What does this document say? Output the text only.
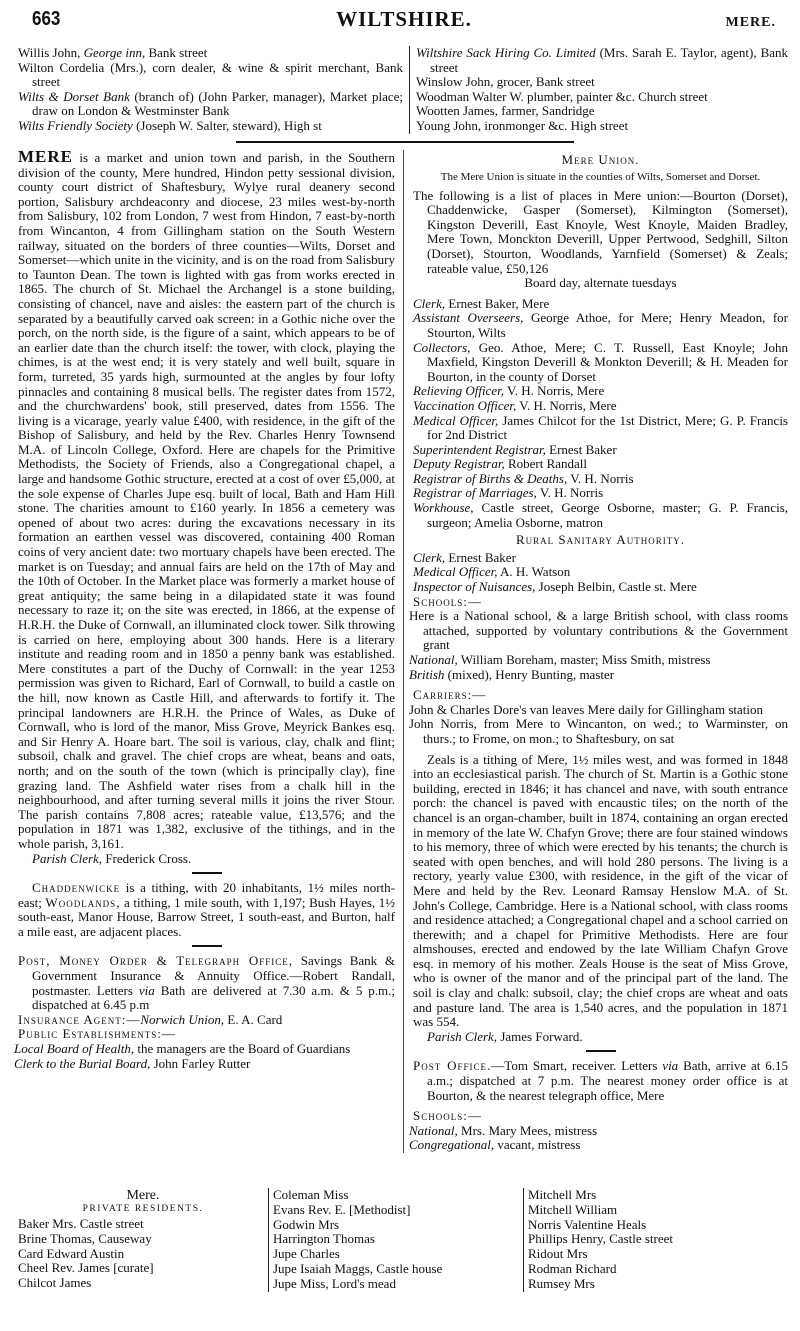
663	WILTSHIRE.	MERE.
Willis John, George inn, Bank street
Wilton Cordelia (Mrs.), corn dealer, & wine & spirit merchant, Bank street
Wilts & Dorset Bank (branch of) (John Parker, manager), Market place; draw on London & Westminster Bank
Wilts Friendly Society (Joseph W. Salter, steward), High st
Wiltshire Sack Hiring Co. Limited (Mrs. Sarah E. Taylor, agent), Bank street
Winslow John, grocer, Bank street
Woodman Walter W. plumber, painter &c. Church street
Wootten James, farmer, Sandridge
Young John, ironmonger &c. High street

MERE is a market and union town and parish, in the Southern division of the county, Mere hundred, Hindon petty sessional division, county court district of Shaftesbury, Wylye rural deanery second portion, Salisbury archdeaconry and diocese, 23 miles west-by-north from Salisbury, 102 from London, 7 west from Hindon, 7 east-by-north from Wincanton, 4 from Gillingham station on the South Western railway, situated on the borders of three counties—Wilts, Dorset and Somerset—which unite in the vicinity, and is on the road from Salisbury to Taunton Dean. The town is lighted with gas from works erected in 1865. The church of St. Michael the Archangel is a stone building, consisting of chancel, nave and aisles: the eastern part of the church is separated by a beautifully carved oak screen: in a Gothic niche over the porch, on the north side, is the figure of a saint, which appears to be of an earlier date than the church itself: the tower, with clock, playing the chimes, is at the west end; it is very stately and well built, square in form, turreted, 35 yards high, surmounted at the angles by four lofty pinnacles and containing 8 musical bells. The register dates from 1572, and the churchwardens' book, still preserved, dates from 1556. The living is a vicarage, yearly value £400, with residence, in the gift of the Bishop of Salisbury, and held by the Rev. Charles Henry Townsend M.A. of Lincoln College, Oxford. Here are chapels for the Primitive Methodists, the Society of Friends, also a Congregational chapel, a large and handsome Gothic structure, erected at a cost of over £5,000, at the sole expense of Charles Jupe esq. built of local, Bath and Ham Hill stone. The charities amount to £160 yearly. In 1856 a cemetery was opened of about two acres: during the excavations necessary in its formation an earthen vessel was discovered, containing 400 Roman coins of very ancient date: two mortuary chapels have been erected. The market is on Tuesday; and annual fairs are held on the 17th of May and the 10th of October. In the Market place was formerly a market house of great antiquity; the same being in a dilapidated state it was found necessary to raze it; on the site was erected, in 1866, at the expense of H.R.H. the Duke of Cornwall, an illuminated clock tower. Silk throwing is carried on here, employing about 300 hands. Here is a literary institute and reading room and in 1850 a penny bank was established. Mere constitutes a part of the Duchy of Cornwall: in the year 1253 permission was given to Richard, Earl of Cornwall, to build a castle on the hill, now known as Castle Hill, and afterwards to fortify it. The principal landowners are H.R.H. the Prince of Wales, as Duke of Cornwall, who is lord of the manor, Miss Grove, Meyrick Bankes esq. and Sir Henry A. Hoare bart. The soil is various, clay, chalk and flint; subsoil, chalk and gravel. The chief crops are wheat, beans and oats, north; and on the south of the town (which is principally clay), fine grazing land. The Ashfield water rises from a chalk hill in the neighbourhood, and after turning several mills it joins the river Stour. The parish contains 7,808 acres; rateable value, £13,576; and the population in 1871 was 1,382, exclusive of the tithings, and in the whole parish, 3,161.

Parish Clerk, Frederick Cross.

Chaddenwicke is a tithing, with 20 inhabitants, 1½ miles north-east; Woodlands, a tithing, 1 mile south, with 1,197; Bush Hayes, 1½ south-east, Manor House, Barrow Street, 1 south-east, and Burton, half a mile east, are adjacent places.

Post, Money Order & Telegraph Office, Savings Bank & Government Insurance & Annuity Office.—Robert Randall, postmaster. Letters via Bath are delivered at 7.30 a.m. & 5 p.m.; dispatched at 6.45 p.m

Insurance Agent:—Norwich Union, E. A. Card

Public Establishments:—

Local Board of Health, the managers are the Board of Guardians

Clerk to the Burial Board, John Farley Rutter

Mere Union.

The Mere Union is situate in the counties of Wilts, Somerset and Dorset.

The following is a list of places in Mere union:—Bourton (Dorset), Chaddenwicke, Gasper (Somerset), Kilmington (Somerset), Kingston Deverill, East Knoyle, West Knoyle, Maiden Bradley, Mere Town, Monckton Deverill, Upper Pertwood, Sedghill, Silton (Dorset), Stourton, Woodlands, Yarnfield (Somerset) & Zeals; rateable value, £50,126

Board day, alternate tuesdays

Clerk, Ernest Baker, Mere

Assistant Overseers, George Athoe, for Mere; Henry Meadon, for Stourton, Wilts

Collectors, Geo. Athoe, Mere; C. T. Russell, East Knoyle; John Maxfield, Kingston Deverill & Monkton Deverill; & H. Meaden for Bourton, in the county of Dorset

Relieving Officer, V. H. Norris, Mere

Vaccination Officer, V. H. Norris, Mere

Medical Officer, James Chilcot for the 1st District, Mere; G. P. Francis for 2nd District

Superintendent Registrar, Ernest Baker

Deputy Registrar, Robert Randall

Registrar of Births & Deaths, V. H. Norris

Registrar of Marriages, V. H. Norris

Workhouse, Castle street, George Osborne, master; G. P. Francis, surgeon; Amelia Osborne, matron

Rural Sanitary Authority.

Clerk, Ernest Baker

Medical Officer, A. H. Watson

Inspector of Nuisances, Joseph Belbin, Castle st. Mere

Schools:—

Here is a National school, & a large British school, with class rooms attached, supported by voluntary contributions & the Government grant

National, William Boreham, master; Miss Smith, mistress

British (mixed), Henry Bunting, master

Carriers:—

John & Charles Dore's van leaves Mere daily for Gillingham station

John Norris, from Mere to Wincanton, on wed.; to Warminster, on thurs.; to Frome, on mon.; to Shaftesbury, on sat

Zeals is a tithing of Mere, 1½ miles west, and was formed in 1848 into an ecclesiastical parish. The church of St. Martin is a Gothic stone building, erected in 1846; it has chancel and nave, with south entrance porch: the chancel is paved with encaustic tiles; on the north of the chancel is an organ-chamber, built in 1874, containing an organ erected in memory of the late W. Chafyn Grove; there are four stained windows to his memory, three of which were erected by his tenants; the church is seated with open benches, and will hold 280 persons. The living is a rectory, yearly value £300, with residence, in the gift of the vicar of Mere and held by the Rev. Leonard Ramsay Henslow M.A. of St. John's College, Cambridge. Here is a National school, with class rooms and residence attached; a Congregational chapel and a school carried on therewith; and a chapel for Primitive Methodists. Here are four almshouses, erected and endowed by the late William Chafyn Grove esq. in memory of his mother. Zeals House is the seat of Miss Grove, who is owner of the manor and of the principal part of the land. The soil is clay and chalk: subsoil, clay; the chief crops are wheat and oats and pasture land. The area is 1,540 acres, and the population in 1871 was 554.

Parish Clerk, James Forward.

Post Office.—Tom Smart, receiver. Letters via Bath, arrive at 6.15 a.m.; dispatched at 7 p.m. The nearest money order office is at Bourton, & the nearest telegraph office, Mere

Schools:—

National, Mrs. Mary Mees, mistress

Congregational, vacant, mistress

Mere.
PRIVATE RESIDENTS.
Baker Mrs. Castle street
Brine Thomas, Causeway
Card Edward Austin
Cheel Rev. James [curate]
Chilcot James
Coleman Miss
Evans Rev. E. [Methodist]
Godwin Mrs
Harrington Thomas
Jupe Charles
Jupe Isaiah Maggs, Castle house
Jupe Miss, Lord's mead
Mitchell Mrs
Mitchell William
Norris Valentine Heals
Phillips Henry, Castle street
Ridout Mrs
Rodman Richard
Rumsey Mrs
